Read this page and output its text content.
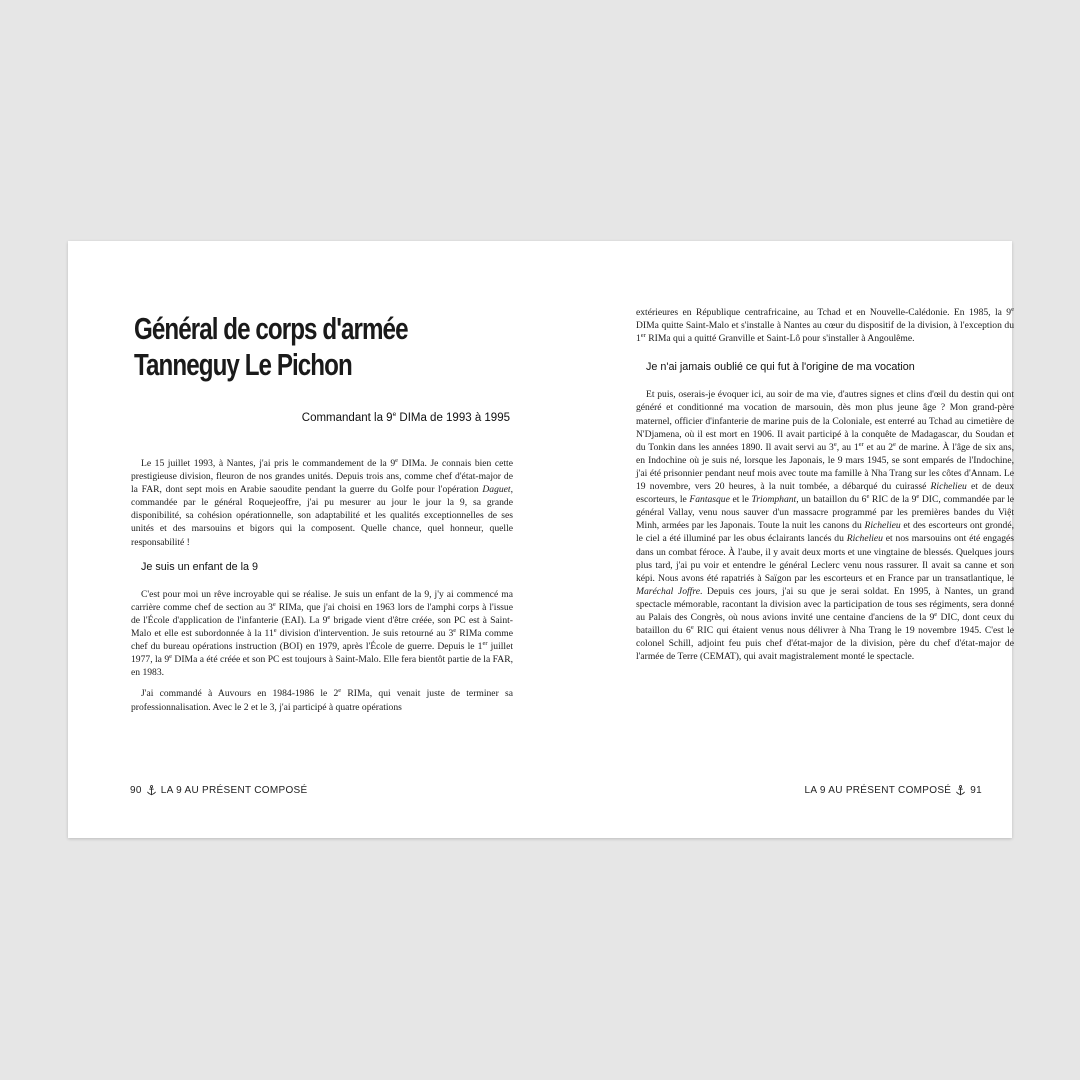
Général de corps d'armée
Tanneguy Le Pichon
Commandant la 9e DIMa de 1993 à 1995

Le 15 juillet 1993, à Nantes, j'ai pris le commandement de la 9e DIMa. Je connais bien cette prestigieuse division, fleuron de nos grandes unités. Depuis trois ans, comme chef d'état-major de la FAR, dont sept mois en Arabie saoudite pendant la guerre du Golfe pour l'opération Daguet, commandée par le général Roquejeoffre, j'ai pu mesurer au jour le jour la 9, sa grande disponibilité, sa cohésion opérationnelle, son adaptabilité et les qualités exceptionnelles de ses unités et des marsouins et bigors qui la composent. Quelle chance, quel honneur, quelle responsabilité !

Je suis un enfant de la 9

C'est pour moi un rêve incroyable qui se réalise. Je suis un enfant de la 9, j'y ai commencé ma carrière comme chef de section au 3e RIMa, que j'ai choisi en 1963 lors de l'amphi corps à l'issue de l'École d'application de l'infanterie (EAI). La 9e brigade vient d'être créée, son PC est à Saint-Malo et elle est subordonnée à la 11e division d'intervention. Je suis retourné au 3e RIMa comme chef du bureau opérations instruction (BOI) en 1979, après l'École de guerre. Depuis le 1er juillet 1977, la 9e DIMa a été créée et son PC est toujours à Saint-Malo. Elle fera bientôt partie de la FAR, en 1983.

J'ai commandé à Auvours en 1984-1986 le 2e RIMa, qui venait juste de terminer sa professionnalisation. Avec le 2 et le 3, j'ai participé à quatre opérations

90 LA 9 AU PRÉSENT COMPOSÉ

extérieures en République centrafricaine, au Tchad et en Nouvelle-Calédonie. En 1985, la 9e DIMa quitte Saint-Malo et s'installe à Nantes au cœur du dispositif de la division, à l'exception du 1er RIMa qui a quitté Granville et Saint-Lô pour s'installer à Angoulême.

Je n'ai jamais oublié ce qui fut à l'origine de ma vocation

Et puis, oserais-je évoquer ici, au soir de ma vie, d'autres signes et clins d'œil du destin qui ont généré et conditionné ma vocation de marsouin, dès mon plus jeune âge ? Mon grand-père maternel, officier d'infanterie de marine puis de la Coloniale, est enterré au Tchad au cimetière de N'Djamena, où il est mort en 1906. Il avait participé à la conquête de Madagascar, du Soudan et du Tonkin dans les années 1890. Il avait servi au 3e, au 1er et au 2e de marine. À l'âge de six ans, en Indochine où je suis né, lorsque les Japonais, le 9 mars 1945, se sont emparés de l'Indochine, j'ai été prisonnier pendant neuf mois avec toute ma famille à Nha Trang sur les côtes d'Annam. Le 19 novembre, vers 20 heures, à la nuit tombée, a débarqué du cuirassé Richelieu et de deux escorteurs, le Fantasque et le Triomphant, un bataillon du 6e RIC de la 9e DIC, commandée par le général Vallay, venu nous sauver d'un massacre programmé par les premières bandes du Việt Minh, armées par les Japonais. Toute la nuit les canons du Richelieu et des escorteurs ont grondé, le ciel a été illuminé par les obus éclairants lancés du Richelieu et nos marsouins ont été engagés dans un combat féroce. À l'aube, il y avait deux morts et une vingtaine de blessés. Quelques jours plus tard, j'ai pu voir et entendre le général Leclerc venu nous rassurer. Il avait sa canne et son képi. Nous avons été rapatriés à Saïgon par les escorteurs et en France par un transatlantique, le Maréchal Joffre. Depuis ces jours, j'ai su que je serai soldat. En 1995, à Nantes, un grand spectacle mémorable, racontant la division avec la participation de tous ses régiments, sera donné au Palais des Congrès, où nous avions invité une centaine d'anciens de la 9e DIC, dont ceux du bataillon du 6e RIC qui étaient venus nous délivrer à Nha Trang le 19 novembre 1945. C'est le colonel Schill, adjoint feu puis chef d'état-major de la division, père du chef d'état-major de l'armée de Terre (CEMAT), qui avait magistralement monté le spectacle.

LA 9 AU PRÉSENT COMPOSÉ 91
